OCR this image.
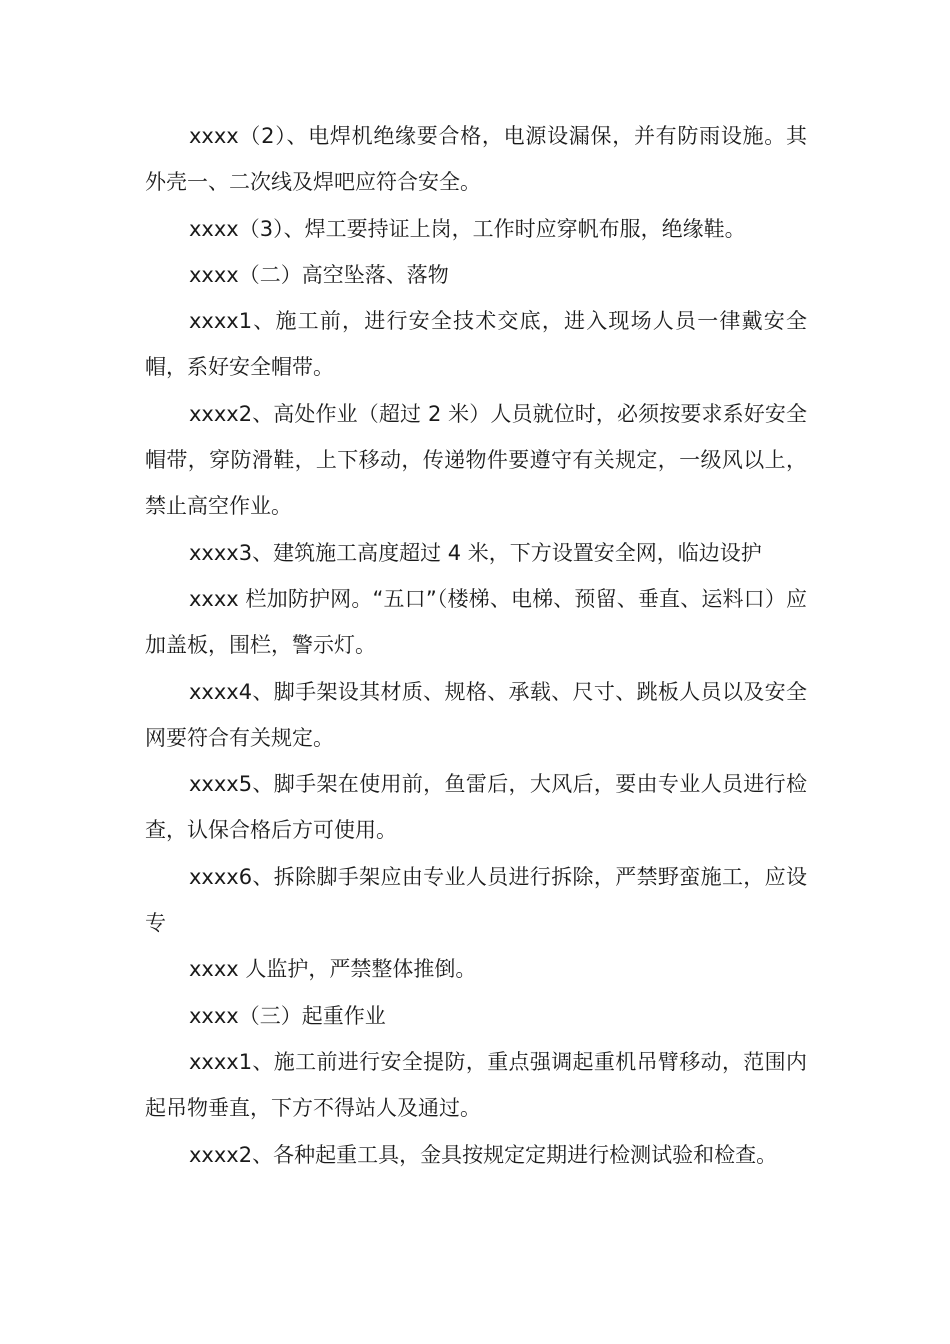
xxxx（2）、电焊机绝缘要合格，电源设漏保，并有防雨设施。其外壳一、二次线及焊吧应符合安全。

xxxx（3）、焊工要持证上岗，工作时应穿帆布服，绝缘鞋。

xxxx（二）高空坠落、落物

xxxx1、施工前，进行安全技术交底，进入现场人员一律戴安全帽，系好安全帽带。

xxxx2、高处作业（超过 2 米）人员就位时，必须按要求系好安全帽带，穿防滑鞋，上下移动，传递物件要遵守有关规定，一级风以上，禁止高空作业。

xxxx3、建筑施工高度超过 4 米，下方设置安全网，临边设护

xxxx 栏加防护网。“五口”（楼梯、电梯、预留、垂直、运料口）应加盖板，围栏，警示灯。

xxxx4、脚手架设其材质、规格、承载、尺寸、跳板人员以及安全网要符合有关规定。

xxxx5、脚手架在使用前，鱼雷后，大风后，要由专业人员进行检查，认保合格后方可使用。

xxxx6、拆除脚手架应由专业人员进行拆除，严禁野蛮施工，应设专

xxxx 人监护，严禁整体推倒。

xxxx（三）起重作业

xxxx1、施工前进行安全提防，重点强调起重机吊臂移动，范围内起吊物垂直，下方不得站人及通过。

xxxx2、各种起重工具，金具按规定定期进行检测试验和检查。
